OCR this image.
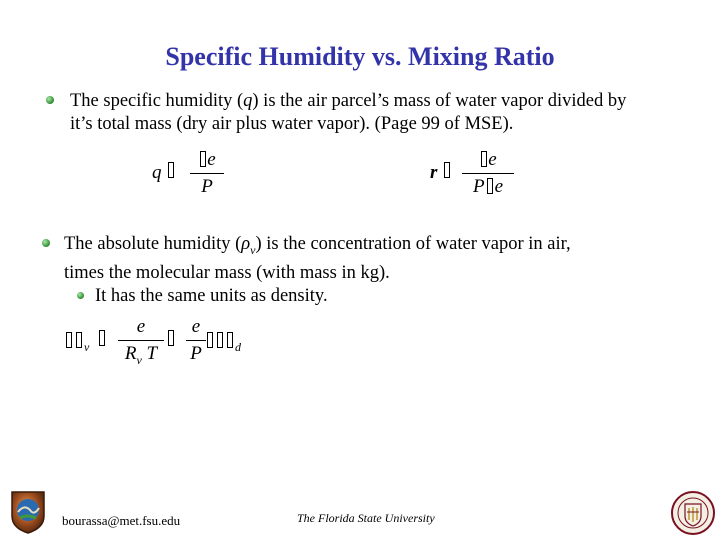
Specific Humidity vs. Mixing Ratio
The specific humidity (q) is the air parcel’s mass of water vapor divided by
it’s total mass (dry air plus water vapor). (Page 99 of MSE).
q
e
P
r
e
P e
The absolute humidity $(\rho_v)$ is the concentration of water vapor in air,
times the molecular mass (with mass in kg).
It has the same units as density.
$_v$
e
$R_v$ T
e
P	$_d$
bourassa@met.fsu.edu	The Florida State University
